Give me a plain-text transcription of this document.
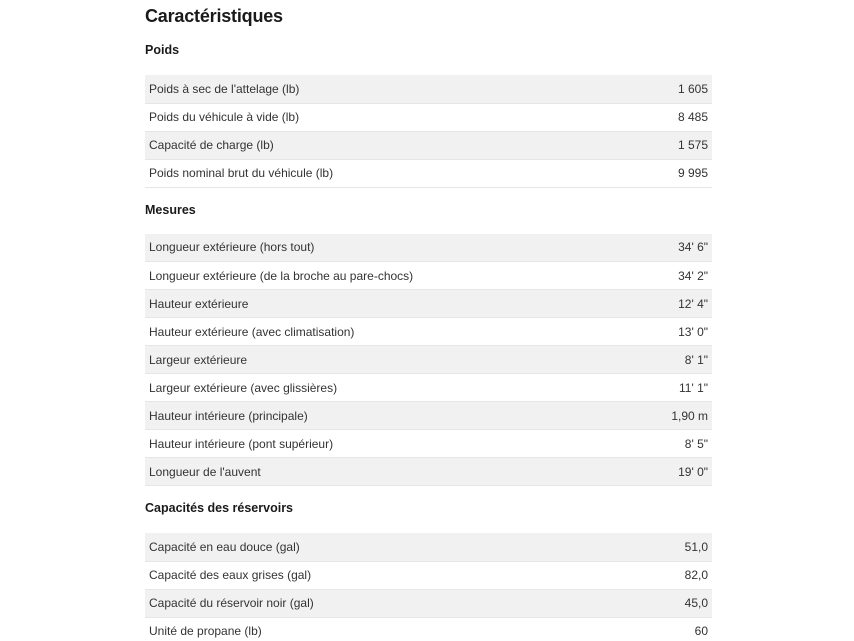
Caractéristiques
Poids
Poids à sec de l'attelage (lb)	1 605
Poids du véhicule à vide (lb)	8 485
Capacité de charge (lb)	1 575
Poids nominal brut du véhicule (lb)	9 995
Mesures
Longueur extérieure (hors tout)	34' 6"
Longueur extérieure (de la broche au pare-chocs)	34' 2"
Hauteur extérieure	12' 4"
Hauteur extérieure (avec climatisation)	13' 0"
Largeur extérieure	8' 1"
Largeur extérieure (avec glissières)	11' 1"
Hauteur intérieure (principale)	1,90 m
Hauteur intérieure (pont supérieur)	8' 5"
Longueur de l'auvent	19' 0"
Capacités des réservoirs
Capacité en eau douce (gal)	51,0
Capacité des eaux grises (gal)	82,0
Capacité du réservoir noir (gal)	45,0
Unité de propane (lb)	60
